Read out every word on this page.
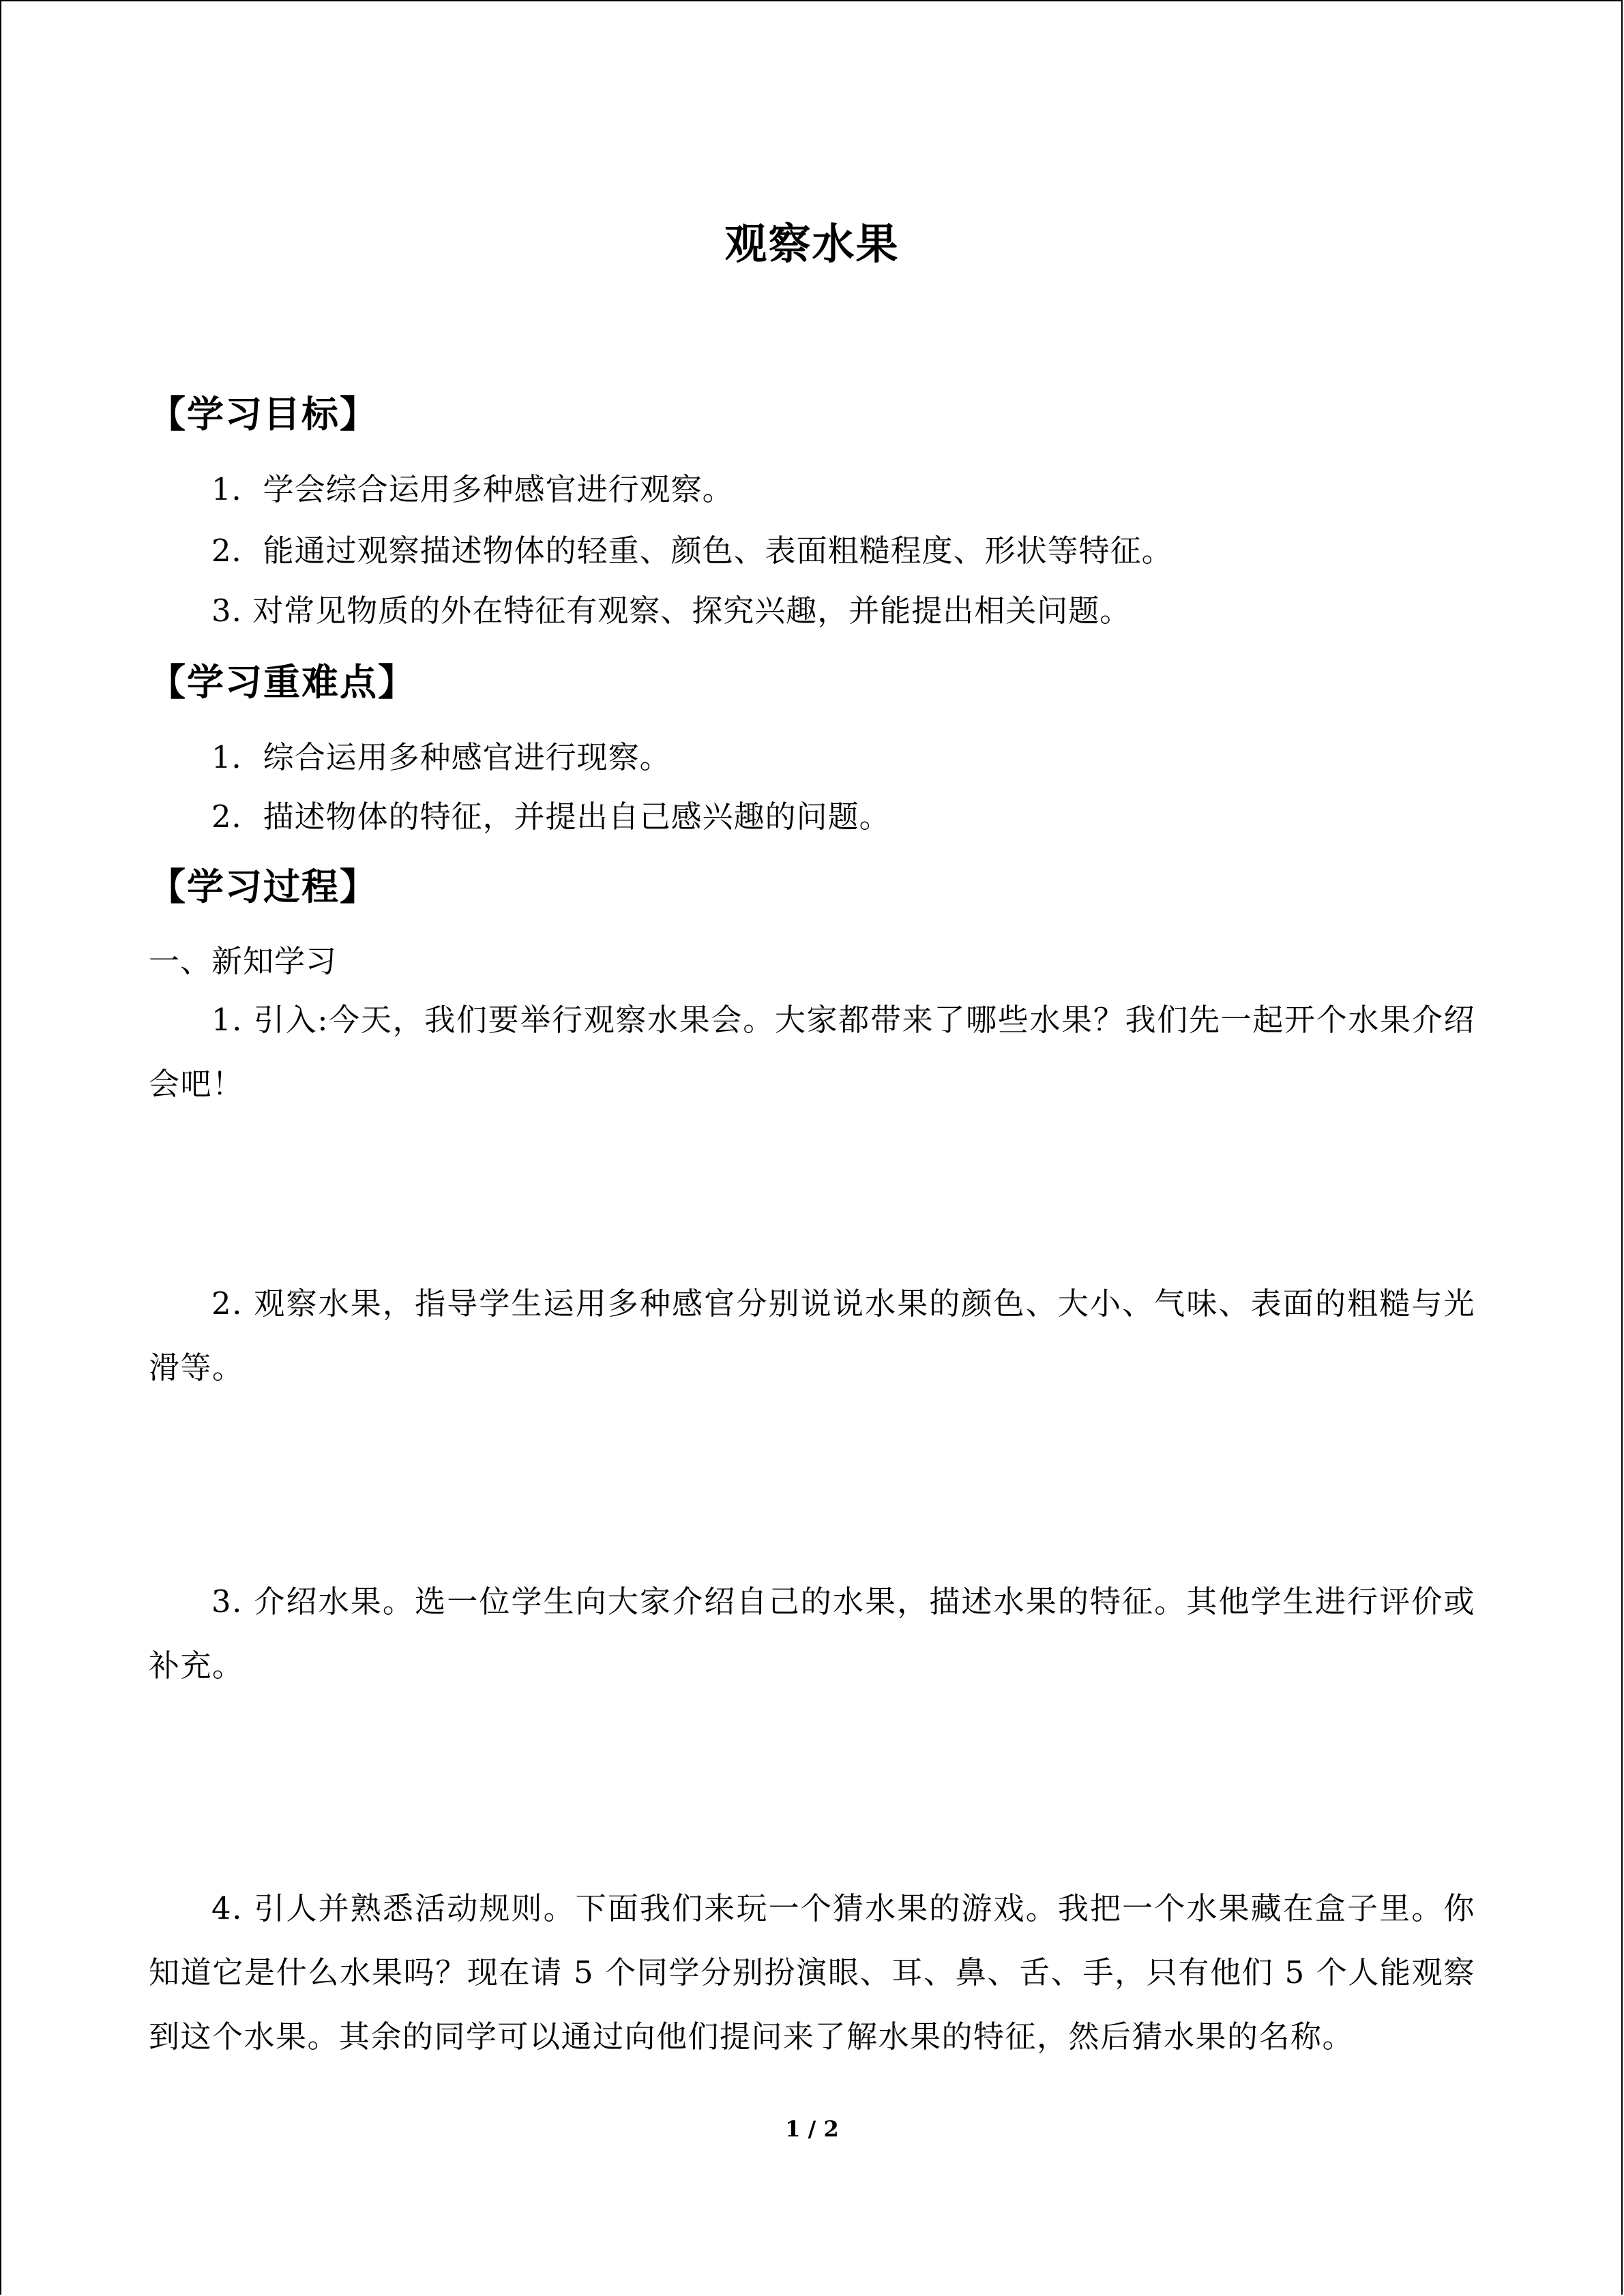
观察水果
【学习目标】
1．学会综合运用多种感官进行观察。
2．能通过观察描述物体的轻重、颜色、表面粗糙程度、形状等特征。
3. 对常见物质的外在特征有观察、探究兴趣，并能提出相关问题。
【学习重难点】
1．综合运用多种感官进行现察。
2．描述物体的特征，并提出自己感兴趣的问题。
【学习过程】
一、新知学习
1. 引入:今天，我们要举行观察水果会。大家都带来了哪些水果？我们先一起开个水果介绍会吧！
2. 观察水果，指导学生运用多种感官分别说说水果的颜色、大小、气味、表面的粗糙与光滑等。
3. 介绍水果。选一位学生向大家介绍自己的水果，描述水果的特征。其他学生进行评价或补充。
4. 引人并熟悉活动规则。下面我们来玩一个猜水果的游戏。我把一个水果藏在盒子里。你知道它是什么水果吗？现在请 5 个同学分别扮演眼、耳、鼻、舌、手，只有他们 5 个人能观察到这个水果。其余的同学可以通过向他们提问来了解水果的特征，然后猜水果的名称。
1 / 2
